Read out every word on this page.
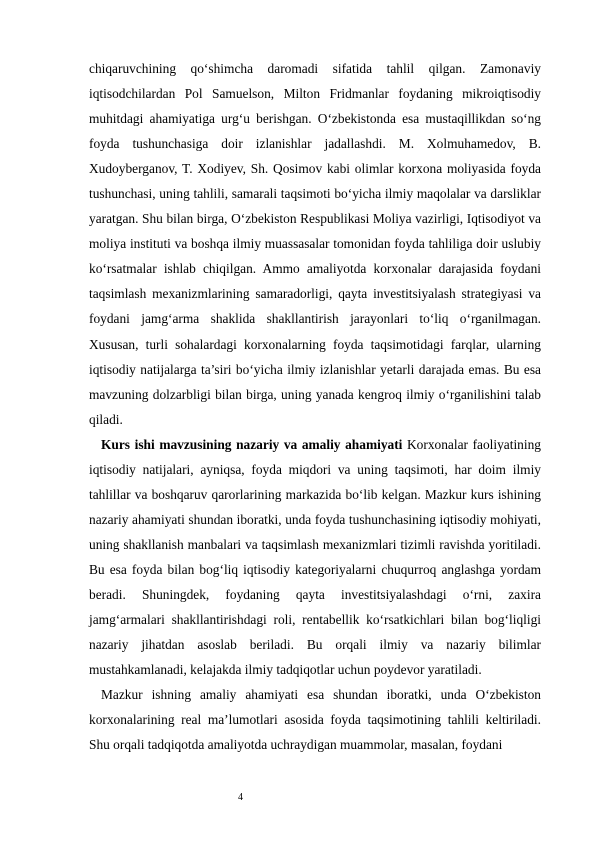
chiqaruvchining qo‘shimcha daromadi sifatida tahlil qilgan. Zamonaviy iqtisodchilardan Pol Samuelson, Milton Fridmanlar foydaning mikroiqtisodiy muhitdagi ahamiyatiga urg‘u berishgan. O‘zbekistonda esa mustaqillikdan so‘ng foyda tushunchasiga doir izlanishlar jadallashdi. M. Xolmuhamedov, B. Xudoyberganov, T. Xodiyev, Sh. Qosimov kabi olimlar korxona moliyasida foyda tushunchasi, uning tahlili, samarali taqsimoti bo‘yicha ilmiy maqolalar va darsliklar yaratgan. Shu bilan birga, O‘zbekiston Respublikasi Moliya vazirligi, Iqtisodiyot va moliya instituti va boshqa ilmiy muassasalar tomonidan foyda tahliliga doir uslubiy ko‘rsatmalar ishlab chiqilgan. Ammo amaliyotda korxonalar darajasida foydani taqsimlash mexanizmlarining samaradorligi, qayta investitsiyalash strategiyasi va foydani jamg‘arma shaklida shakllantirish jarayonlari to‘liq o‘rganilmagan. Xususan, turli sohalardagi korxonalarning foyda taqsimotidagi farqlar, ularning iqtisodiy natijalarga ta’siri bo‘yicha ilmiy izlanishlar yetarli darajada emas. Bu esa mavzuning dolzarbligi bilan birga, uning yanada kengroq ilmiy o‘rganilishini talab qiladi.

Kurs ishi mavzusining nazariy va amaliy ahamiyati Korxonalar faoliyatining iqtisodiy natijalari, ayniqsa, foyda miqdori va uning taqsimoti, har doim ilmiy tahlillar va boshqaruv qarorlarining markazida bo‘lib kelgan. Mazkur kurs ishining nazariy ahamiyati shundan iboratki, unda foyda tushunchasining iqtisodiy mohiyati, uning shakllanish manbalari va taqsimlash mexanizmlari tizimli ravishda yoritiladi. Bu esa foyda bilan bog‘liq iqtisodiy kategoriyalarni chuqurroq anglashga yordam beradi. Shuningdek, foydaning qayta investitsiyalashdagi o‘rni, zaxira jamg‘armalari shakllantirishdagi roli, rentabellik ko‘rsatkichlari bilan bog‘liqligi nazariy jihatdan asoslab beriladi. Bu orqali ilmiy va nazariy bilimlar mustahkamlanadi, kelajakda ilmiy tadqiqotlar uchun poydevor yaratiladi.

Mazkur ishning amaliy ahamiyati esa shundan iboratki, unda O‘zbekiston korxonalarining real ma’lumotlari asosida foyda taqsimotining tahlili keltiriladi. Shu orqali tadqiqotda amaliyotda uchraydigan muammolar, masalan, foydani

4
